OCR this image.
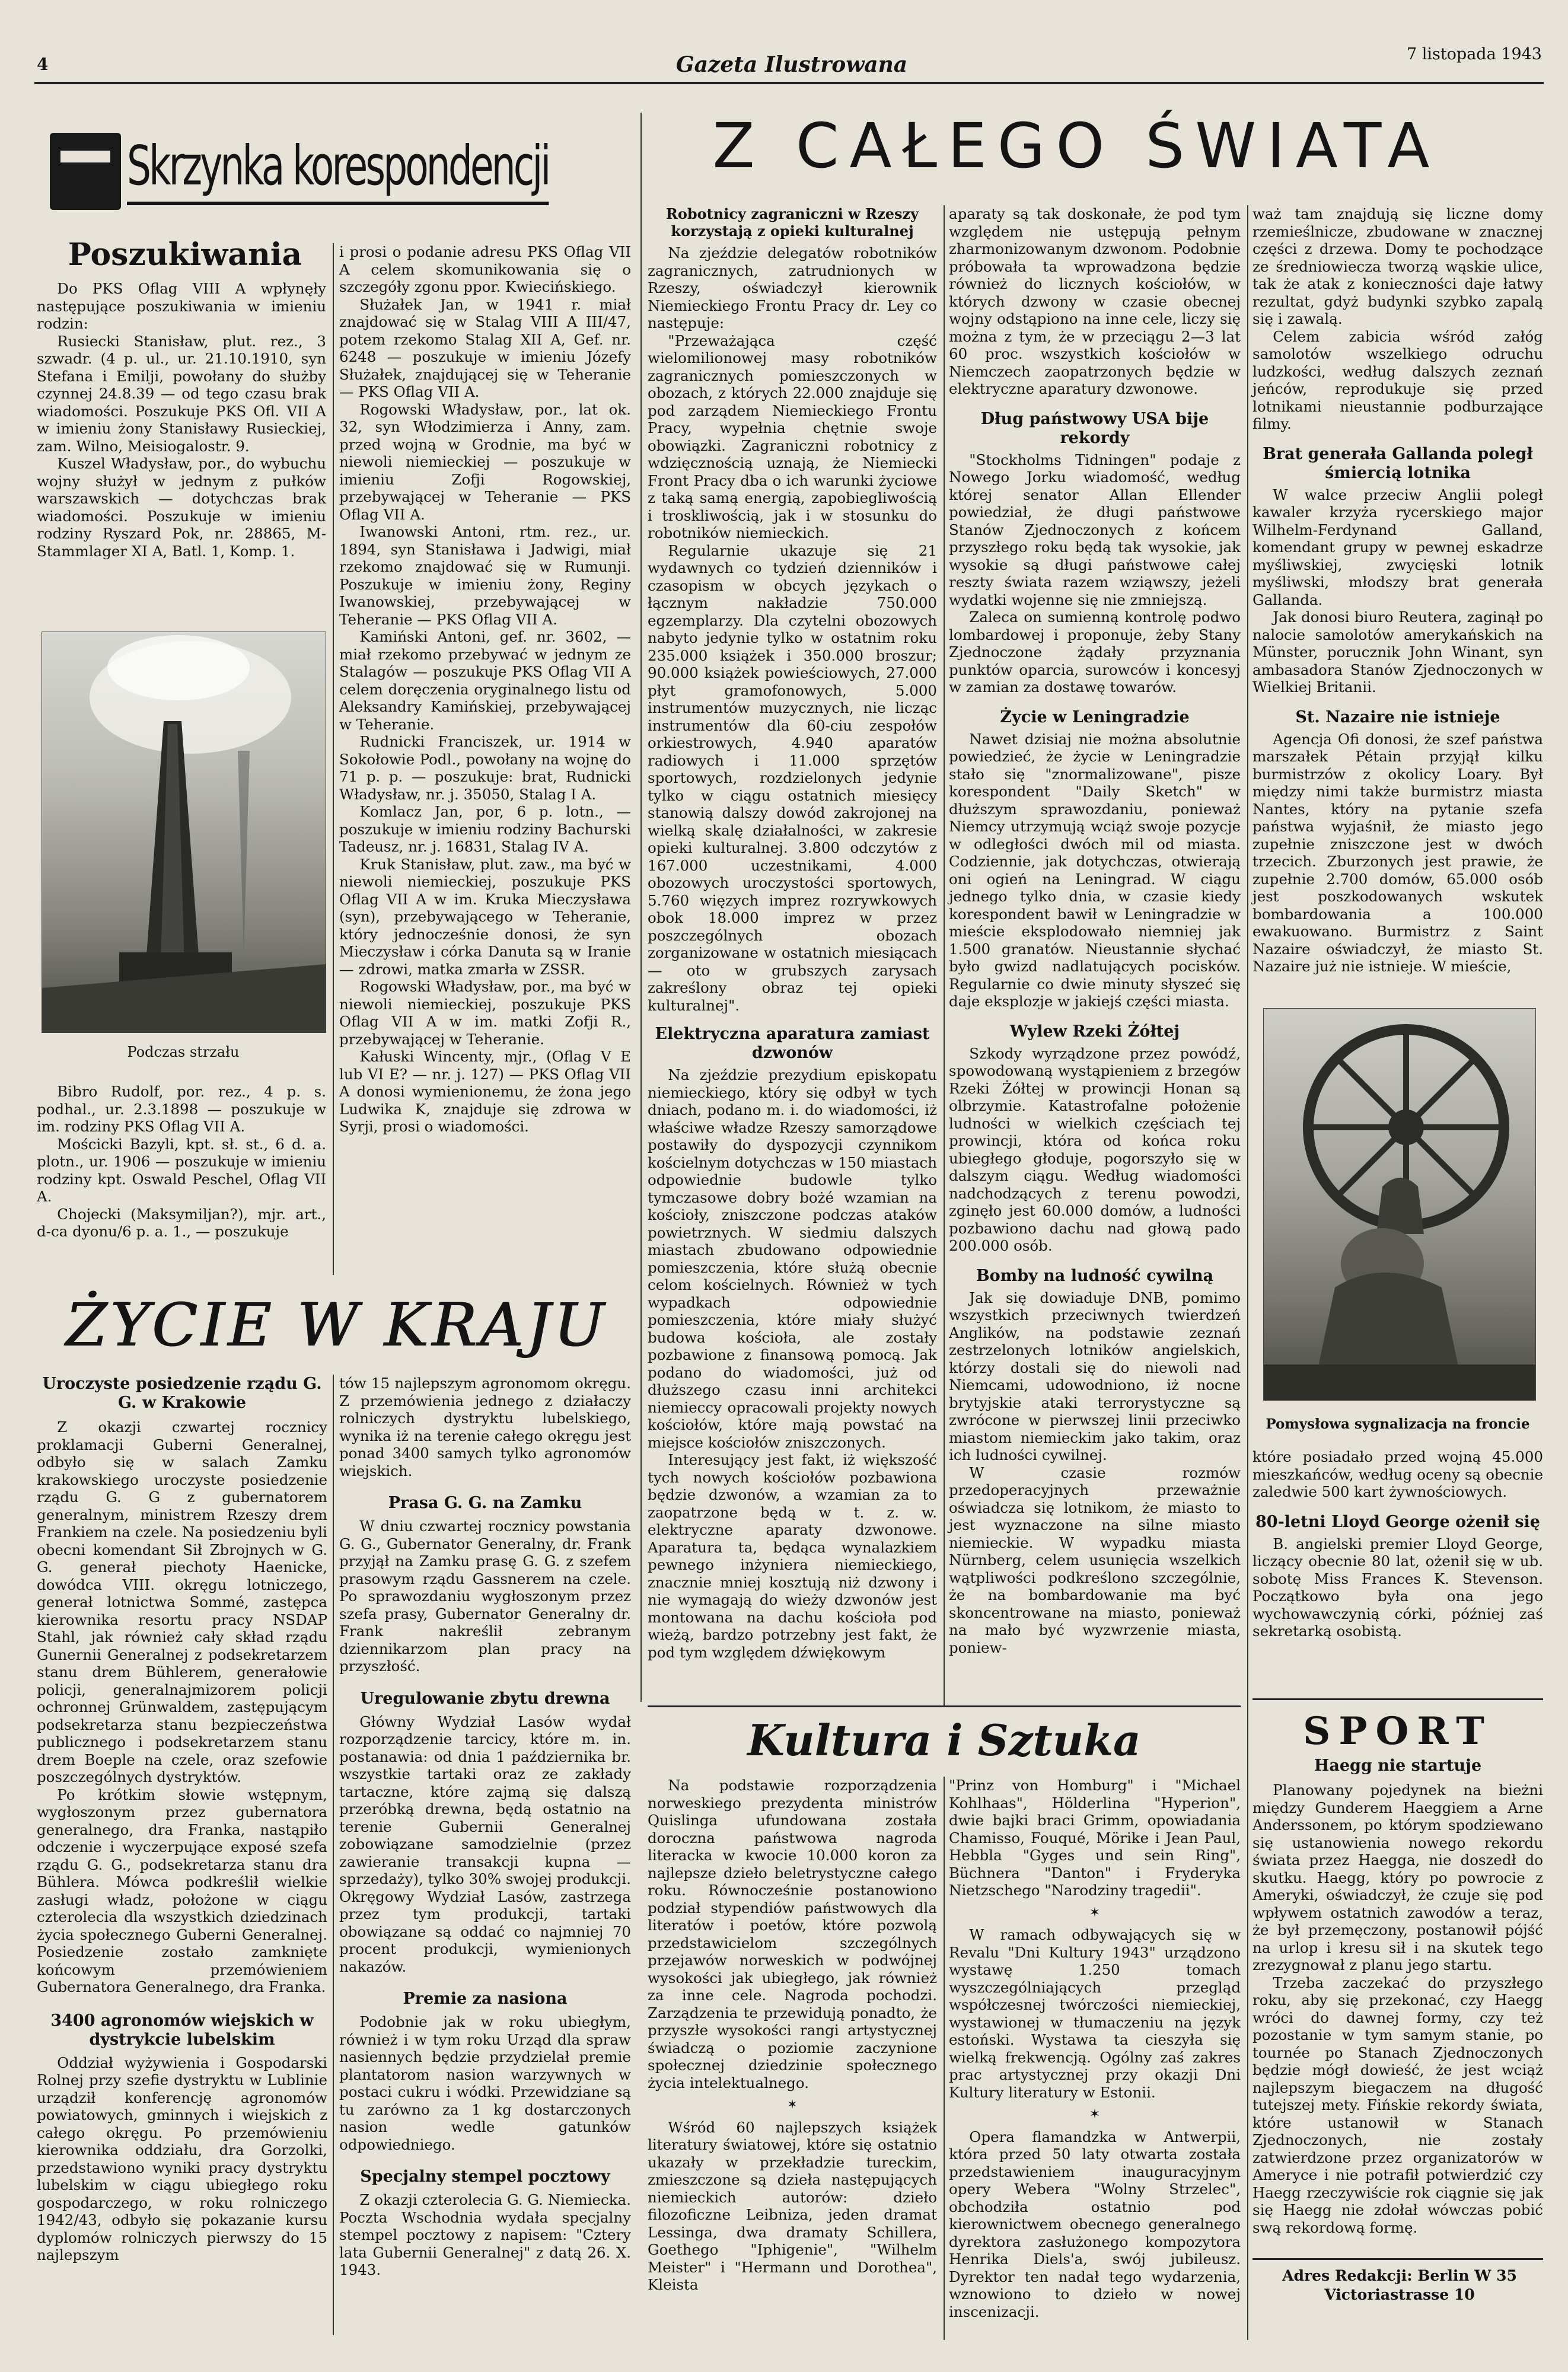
4	Gazeta Ilustrowana	7 listopada 1943
Skrzynka korespondencji
Poszukiwania

Do PKS Oflag VIII A wpłynęły następujące poszukiwania w imieniu rodzin:

Rusiecki Stanisław, plut. rez., 3 szwadr. (4 p. ul., ur. 21.10.1910, syn Stefana i Emilji, powołany do służby czynnej 24.8.39 — od tego czasu brak wiadomości. Poszukuje PKS Ofl. VII A w imieniu żony Stanisławy Rusieckiej, zam. Wilno, Meisiogalostr. 9.

Kuszel Władysław, por., do wybuchu wojny służył w jednym z pułków warszawskich — dotychczas brak wiadomości. Poszukuje w imieniu rodziny Ryszard Pok, nr. 28865, M-Stammlager XI A, Batl. 1, Komp. 1.

Podczas strzału

Bibro Rudolf, por. rez., 4 p. s. podhal., ur. 2.3.1898 — poszukuje w im. rodziny PKS Oflag VII A.

Mościcki Bazyli, kpt. sł. st., 6 d. a. plotn., ur. 1906 — poszukuje w imieniu rodziny kpt. Oswald Peschel, Oflag VII A.

Chojecki (Maksymiljan?), mjr. art., d-ca dyonu/6 p. a. 1., — poszukuje

i prosi o podanie adresu PKS Oflag VII A celem skomunikowania się o szczegóły zgonu ppor. Kwiecińskiego.

Służałek Jan, w 1941 r. miał znajdować się w Stalag VIII A III/47, potem rzekomo Stalag XII A, Gef. nr. 6248 — poszukuje w imieniu Józefy Służałek, znajdującej się w Teheranie — PKS Oflag VII A.

Rogowski Władysław, por., lat ok. 32, syn Włodzimierza i Anny, zam. przed wojną w Grodnie, ma być w niewoli niemieckiej — poszukuje w imieniu Zofji Rogowskiej, przebywającej w Teheranie — PKS Oflag VII A.

Iwanowski Antoni, rtm. rez., ur. 1894, syn Stanisława i Jadwigi, miał rzekomo znajdować się w Rumunji. Poszukuje w imieniu żony, Reginy Iwanowskiej, przebywającej w Teheranie — PKS Oflag VII A.

Kamiński Antoni, gef. nr. 3602, — miał rzekomo przebywać w jednym ze Stalagów — poszukuje PKS Oflag VII A celem doręczenia oryginalnego listu od Aleksandry Kamińskiej, przebywającej w Teheranie.

Rudnicki Franciszek, ur. 1914 w Sokołowie Podl., powołany na wojnę do 71 p. p. — poszukuje: brat, Rudnicki Władysław, nr. j. 35050, Stalag I A.

Komlacz Jan, por, 6 p. lotn., — poszukuje w imieniu rodziny Bachurski Tadeusz, nr. j. 16831, Stalag IV A.

Kruk Stanisław, plut. zaw., ma być w niewoli niemieckiej, poszukuje PKS Oflag VII A w im. Kruka Mieczysława (syn), przebywającego w Teheranie, który jednocześnie donosi, że syn Mieczysław i córka Danuta są w Iranie — zdrowi, matka zmarła w ZSSR.

Rogowski Władysław, por., ma być w niewoli niemieckiej, poszukuje PKS Oflag VII A w im. matki Zofji R., przebywającej w Teheranie.

Kałuski Wincenty, mjr., (Oflag V E lub VI E? — nr. j. 127) — PKS Oflag VII A donosi wymienionemu, że żona jego Ludwika K, znajduje się zdrowa w Syrji, prosi o wiadomości.

ŻYCIE W KRAJU
Uroczyste posiedzenie rządu G. G. w Krakowie

Z okazji czwartej rocznicy proklamacji Guberni Generalnej, odbyło się w salach Zamku krakowskiego uroczyste posiedzenie rządu G. G z gubernatorem generalnym, ministrem Rzeszy drem Frankiem na czele. Na posiedzeniu byli obecni komendant Sił Zbrojnych w G. G. generał piechoty Haenicke, dowódca VIII. okręgu lotniczego, generał lotnictwa Sommé, zastępca kierownika resortu pracy NSDAP Stahl, jak również cały skład rządu Gunernii Generalnej z podsekretarzem stanu drem Bühlerem, generałowie policji, generalnajmizorem policji ochronnej Grünwaldem, zastępującym podsekretarza stanu bezpieczeństwa publicznego i podsekretarzem stanu drem Boeple na czele, oraz szefowie poszczególnych dystryktów.

Po krótkim słowie wstępnym, wygłoszonym przez gubernatora generalnego, drа Franka, nastąpiło odczenie i wyczerpujące exposé szefa rządu G. G., podsekretarza stanu dra Bühlera. Mówca podkreślił wielkie zasługi władz, położone w ciągu czterolecia dla wszystkich dziedzinach życia społecznego Guberni Generalnej. Posiedzenie zostało zamknięte końcowym przemówieniem Gubernatora Generalnego, dra Franka.

3400 agronomów wiejskich w dystrykcie lubelskim

Oddział wyżywienia i Gospodarski Rolnej przy szefie dystryktu w Lublinie urządził konferencję agronomów powiatowych, gminnych i wiejskich z całego okręgu. Po przemówieniu kierownika oddziału, dra Gorzolki, przedstawiono wyniki pracy dystryktu lubelskim w ciągu ubiegłego roku gospodarczego, w roku rolniczego 1942/43, odbyło się pokazanie kursu dyplomów rolniczych pierwszy do 15 najlepszym

tów 15 najlepszym agronomom okręgu. Z przemówienia jednego z działaczy rolniczych dystryktu lubelskiego, wynika iż na terenie całego okręgu jest ponad 3400 samych tylko agronomów wiejskich.

Prasa G. G. na Zamku

W dniu czwartej rocznicy powstania G. G., Gubernator Generalny, dr. Frank przyjął na Zamku prasę G. G. z szefem prasowym rządu Gassnerem na czele. Po sprawozdaniu wygłoszonym przez szefa prasy, Gubernator Generalny dr. Frank nakreślił zebranym dziennikarzom plan pracy na przyszłość.

Uregulowanie zbytu drewna

Główny Wydział Lasów wydał rozporządzenie tarcicy, które m. in. postanawia: od dnia 1 października br. wszystkie tartaki oraz ze zakłady tartaczne, które zajmą się dalszą przeróbką drewna, będą ostatnio na terenie Gubernii Generalnej zobowiązane samodzielnie (przez zawieranie transakcji kupna — sprzedaży), tylko 30% swojej produkcji. Okręgowy Wydział Lasów, zastrzega przez tym produkcji, tartaki obowiązane są oddać co najmniej 70 procent produkcji, wymienionych nakazów.

Premie za nasiona

Podobnie jak w roku ubiegłym, również i w tym roku Urząd dla spraw nasiennych będzie przydzielał premie plantatorom nasion warzywnych w postaci cukru i wódki. Przewidziane są tu zarówno za 1 kg dostarczonych nasion wedle gatunków odpowiedniego.

Specjalny stempel pocztowy

Z okazji czterolecia G. G. Niemiecka. Poczta Wschodnia wydała specjalny stempel pocztowy z napisem: "Cztery lata Gubernii Generalnej" z datą 26. X. 1943.

Z CAŁEGO ŚWIATA
Robotnicy zagraniczni w Rzeszy korzystają z opieki kulturalnej

Na zjeździe delegatów robotników zagranicznych, zatrudnionych w Rzeszy, oświadczył kierownik Niemieckiego Frontu Pracy dr. Ley co następuje:

"Przeważająca część wielomilionowej masy robotników zagranicznych pomieszczonych w obozach, z których 22.000 znajduje się pod zarządem Niemieckiego Frontu Pracy, wypełnia chętnie swoje obowiązki. Zagraniczni robotnicy z wdzięcznością uznają, że Niemiecki Front Pracy dba o ich warunki życiowe z taką samą energią, zapobiegliwością i troskliwością, jak i w stosunku do robotników niemieckich.

Regularnie ukazuje się 21 wydawnych co tydzień dzienników i czasopism w obcych językach o łącznym nakładzie 750.000 egzemplarzy. Dla czytelni obozowych nabyto jedynie tylko w ostatnim roku 235.000 książek i 350.000 broszur; 90.000 książek powieściowych, 27.000 płyt gramofonowych, 5.000 instrumentów muzycznych, nie licząc instrumentów dla 60-ciu zespołów orkiestrowych, 4.940 aparatów radiowych i 11.000 sprzętów sportowych, rozdzielonych jedynie tylko w ciągu ostatnich miesięcy stanowią dalszy dowód zakrojonej na wielką skalę działalności, w zakresie opieki kulturalnej. 3.800 odczytów z 167.000 uczestnikami, 4.000 obozowych uroczystości sportowych, 5.760 więzych imprez rozrywkowych obok 18.000 imprez w przez poszczególnych obozach zorganizowane w ostatnich miesiącach — oto w grubszych zarysach zakreślony obraz tej opieki kulturalnej".

Elektryczna aparatura zamiast dzwonów

Na zjeździe prezydium episkopatu niemieckiego, który się odbył w tych dniach, podano m. i. do wiadomości, iż właściwe władze Rzeszy samorządowe postawiły do dyspozycji czynnikom kościelnym dotychczas w 150 miastach odpowiednie budowle tylko tymczasowe dobry bożé wzamian na kościoły, zniszczone podczas ataków powietrznych. W siedmiu dalszych miastach zbudowano odpowiednie pomieszczenia, które służą obecnie celom kościelnych. Również w tych wypadkach odpowiednie pomieszczenia, które miały służyć budowa kościoła, ale zostały pozbawione z finansową pomocą. Jak podano do wiadomości, już od dłuższego czasu inni architekci niemieccy opracowali projekty nowych kościołów, które mają powstać na miejsce kościołów zniszczonych.

Interesujący jest fakt, iż większość tych nowych kościołów pozbawiona będzie dzwonów, a wzamian za to zaopatrzone będą w t. z. w. elektryczne aparaty dzwonowe. Aparatura ta, będąca wynalazkiem pewnego inżyniera niemieckiego, znacznie mniej kosztują niż dzwony i nie wymagają do wieży dzwonów jest montowana na dachu kościoła pod wieżą, bardzo potrzebny jest fakt, że pod tym względem dźwiękowym

aparaty są tak doskonałe, że pod tym względem nie ustępują pełnym zharmonizowanym dzwonom. Podobnie próbowała ta wprowadzona będzie również do licznych kościołów, w których dzwony w czasie obecnej wojny odstąpiono na inne cele, liczy się można z tym, że w przeciągu 2—3 lat 60 proc. wszystkich kościołów w Niemczech zaopatrzonych będzie w elektryczne aparatury dzwonowe.

Dług państwowy USA bije rekordy

"Stockholms Tidningen" podaje z Nowego Jorku wiadomość, według której senator Allan Ellender powiedział, że długi państwowe Stanów Zjednoczonych z końcem przyszłego roku będą tak wysokie, jak wysokie są długi państwowe całej reszty świata razem wziąwszy, jeżeli wydatki wojenne się nie zmniejszą.

Zaleca on sumienną kontrolę podwo lombardowej i proponuje, żeby Stany Zjednoczone żądały przyznania punktów oparcia, surowców i koncesyj w zamian za dostawę towarów.

Życie w Leningradzie

Nawet dzisiaj nie można absolutnie powiedzieć, że życie w Leningradzie stało się "znormalizowane", pisze korespondent "Daily Sketch" w dłuższym sprawozdaniu, ponieważ Niemcy utrzymują wciąż swoje pozycje w odległości dwóch mil od miasta. Codziennie, jak dotychczas, otwierają oni ogień na Leningrad. W ciągu jednego tylko dnia, w czasie kiedy korespondent bawił w Leningradzie w mieście eksplodowało niemniej jak 1.500 granatów. Nieustannie słychać było gwizd nadlatujących pocisków. Regularnie co dwie minuty słyszeć się daje eksplozje w jakiejś części miasta.

Wylew Rzeki Żółtej

Szkody wyrządzone przez powódź, spowodowaną wystąpieniem z brzegów Rzeki Żółtej w prowincji Honan są olbrzymie. Katastrofalne położenie ludności w wielkich częściach tej prowincji, która od końca roku ubiegłego głoduje, pogorszyło się w dalszym ciągu. Według wiadomości nadchodzących z terenu powodzi, zginęło jest 60.000 domów, a ludności pozbawiono dachu nad głową pado 200.000 osób.

Bomby na ludność cywilną

Jak się dowiaduje DNB, pomimo wszystkich przeciwnych twierdzeń Anglików, na podstawie zeznań zestrzelonych lotników angielskich, którzy dostali się do niewoli nad Niemcami, udowodniono, iż nocne brytyjskie ataki terrorystyczne są zwrócone w pierwszej linii przeciwko miastom niemieckim jako takim, oraz ich ludności cywilnej.

W czasie rozmów przedoperacyjnych przeważnie oświadcza się lotnikom, że miasto to jest wyznaczone na silne miasto niemieckie. W wypadku miasta Nürnberg, celem usunięcia wszelkich wątpliwości podkreślono szczególnie, że na bombardowanie ma być skoncentrowane na miasto, ponieważ na mało być wyzwrzenie miasta, poniew-

waż tam znajdują się liczne domy rzemieślnicze, zbudowane w znacznej części z drzewa. Domy te pochodzące ze średniowiecza tworzą wąskie ulice, tak że atak z konieczności daje łatwy rezultat, gdyż budynki szybko zapalą się i zawalą.

Celem zabicia wśród załóg samolotów wszelkiego odruchu ludzkości, według dalszych zeznań jeńców, reprodukuje się przed lotnikami nieustannie podburzające filmy.

Brat generała Gallanda poległ śmiercią lotnika

W walce przeciw Anglii poległ kawaler krzyża rycerskiego major Wilhelm-Ferdynand Galland, komendant grupy w pewnej eskadrze myśliwskiej, zwycięski lotnik myśliwski, młodszy brat generała Gallanda.

Jak donosi biuro Reutera, zaginął po nalocie samolotów amerykańskich na Münster, porucznik John Winant, syn ambasadora Stanów Zjednoczonych w Wielkiej Britanii.

St. Nazaire nie istnieje

Agencja Ofi donosi, że szef państwa marszałek Pétain przyjął kilku burmistrzów z okolicy Loary. Był między nimi także burmistrz miasta Nantes, który na pytanie szefa państwa wyjaśnił, że miasto jego zupełnie zniszczone jest w dwóch trzecich. Zburzonych jest prawie, że zupełnie 2.700 domów, 65.000 osób jest poszkodowanych wskutek bombardowania a 100.000 ewakuowano. Burmistrz z Saint Nazaire oświadczył, że miasto St. Nazaire już nie istnieje. W mieście,

Pomysłowa sygnalizacja na froncie

które posiadało przed wojną 45.000 mieszkańców, według oceny są obecnie zaledwie 500 kart żywnościowych.

80-letni Lloyd George ożenił się

B. angielski premier Lloyd George, liczący obecnie 80 lat, ożenił się w ub. sobotę Miss Frances K. Stevenson. Początkowo była ona jego wychowawczynią córki, później zaś sekretarką osobistą.

Kultura i Sztuka

Na podstawie rozporządzenia norweskiego prezydenta ministrów Quislinga ufundowana została doroczna państwowa nagroda literacka w kwocie 10.000 koron za najlepsze dzieło beletrystyczne całego roku. Równocześnie postanowiono podział stypendiów państwowych dla literatów i poetów, które pozwolą przedstawicielom szczególnych przejawów norweskich w podwójnej wysokości jak ubiegłego, jak również za inne cele. Nagroda pochodzi. Zarządzenia te przewidują ponadto, że przyszłe wysokości rangi artystycznej świadczą o poziomie zaczynione społecznej dziedzinie społecznego życia intelektualnego.

✶

Wśród 60 najlepszych książek literatury światowej, które się ostatnio ukazały w przekładzie tureckim, zmieszczone są dzieła następujących niemieckich autorów: dzieło filozoficzne Leibniza, jeden dramat Lessinga, dwa dramaty Schillera, Goethego "Iphigenie", "Wilhelm Meister" i "Hermann und Dorothea", Kleista

"Prinz von Homburg" i "Michael Kohlhaas", Hölderlina "Hyperion", dwie bajki braci Grimm, opowiadania Chamisso, Fouqué, Mörike i Jean Paul, Hebbla "Gyges und sein Ring", Büchnera "Danton" i Fryderyka Nietzschego "Narodziny tragedii".

✶

W ramach odbywających się w Revalu "Dni Kultury 1943" urządzono wystawę 1.250 tomach wyszczególniających przegląd współczesnej twórczości niemieckiej, wystawionej w tłumaczeniu na język estoński. Wystawa ta cieszyła się wielką frekwencją. Ogólny zaś zakres prac artystycznej przy okazji Dni Kultury literatury w Estonii.

✶

Opera flamandzka w Antwerpii, która przed 50 laty otwarta została przedstawieniem inauguracyjnym opery Webera "Wolny Strzelec", obchodziła ostatnio pod kierownictwem obecnego generalnego dyrektora zasłużonego kompozytora Henrika Diels'a, swój jubileusz. Dyrektor ten nadał tego wydarzenia, wznowiono to dzieło w nowej inscenizacji.

SPORT
Haegg nie startuje

Planowany pojedynek na bieżni między Gunderem Haeggiem a Arne Anderssonem, po którym spodziewano się ustanowienia nowego rekordu świata przez Haegga, nie doszedł do skutku. Haegg, który po powrocie z Ameryki, oświadczył, że czuje się pod wpływem ostatnich zawodów a teraz, że był przemęczony, postanowił pójść na urlop i kresu sił i na skutek tego zrezygnował z planu jego startu.

Trzeba zaczekać do przyszłego roku, aby się przekonać, czy Haegg wróci do dawnej formy, czy też pozostanie w tym samym stanie, po tournée po Stanach Zjednoczonych będzie mógł dowieść, że jest wciąż najlepszym biegaczem na długość tutejszej mety. Fińskie rekordy świata, które ustanowił w Stanach Zjednoczonych, nie zostały zatwierdzone przez organizatorów w Ameryce i nie potrafił potwierdzić czy Haegg rzeczywiście rok ciągnie się jak się Haegg nie zdołał wówczas pobić swą rekordową formę.

Adres Redakcji: Berlin W 35 Victoriastrasse 10
